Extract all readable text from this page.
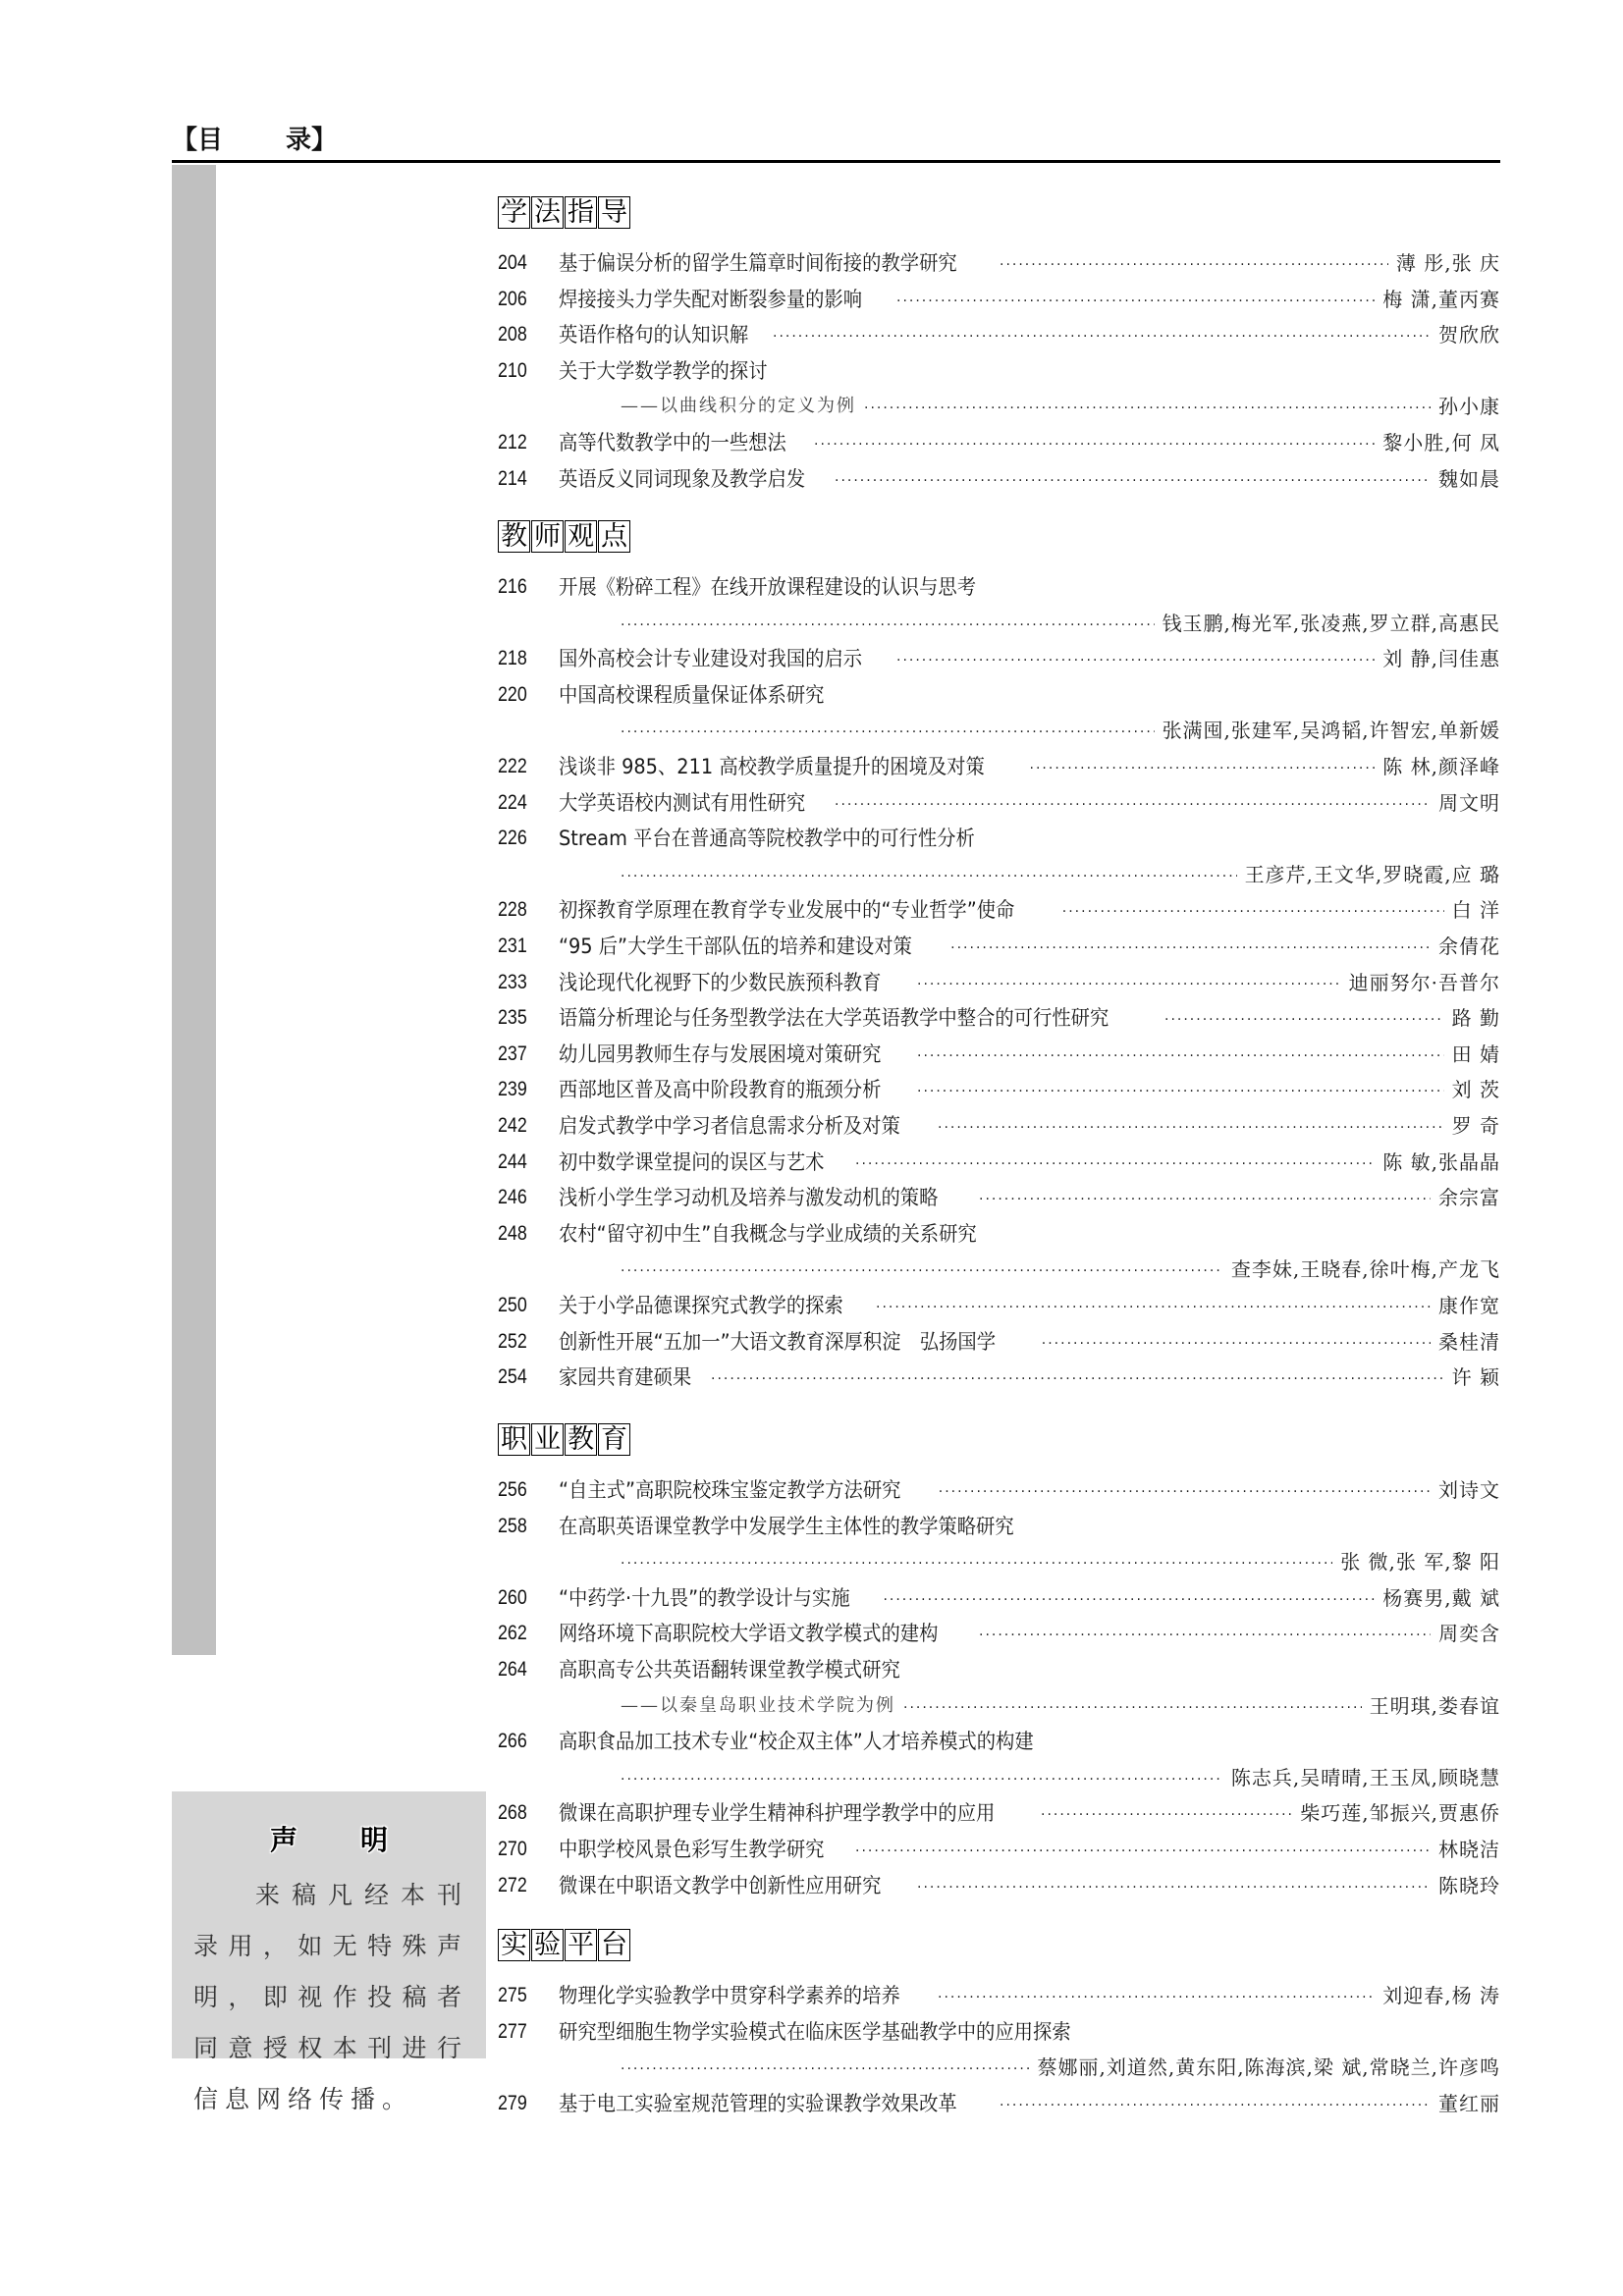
【目 录】
声 明
来稿凡经本刊录用，如无特殊声明，即视作投稿者同意授权本刊进行信息网络传播。
学 法 指 导
204	基于偏误分析的留学生篇章时间衔接的教学研究 ·····	薄 彤,张 庆
206	焊接接头力学失配对断裂参量的影响 ·····	梅 潇,董丙赛
208	英语作格句的认知识解 ·····	贺欣欣
210	关于大学数学教学的探讨
——以曲线积分的定义为例 ·····	孙小康
212	高等代数教学中的一些想法 ·····	黎小胜,何 凤
214	英语反义同词现象及教学启发 ·····	魏如晨
教 师 观 点
216	开展《粉碎工程》在线开放课程建设的认识与思考
·····
钱玉鹏,梅光军,张凌燕,罗立群,高惠民
218	国外高校会计专业建设对我国的启示 ·····	刘 静,闫佳惠
220	中国高校课程质量保证体系研究
·····
张满囤,张建军,吴鸿韬,许智宏,单新媛
222	浅谈非 985、211 高校教学质量提升的困境及对策 ·····	陈 林,颜泽峰
224	大学英语校内测试有用性研究 ·····	周文明
226	Stream 平台在普通高等院校教学中的可行性分析
·····
王彦芹,王文华,罗晓霞,应 璐
228	初探教育学原理在教育学专业发展中的“专业哲学”使命 ·····	白 洋
231	“95 后”大学生干部队伍的培养和建设对策 ·····	余倩花
233	浅论现代化视野下的少数民族预科教育 ·····	迪丽努尔·吾普尔
235	语篇分析理论与任务型教学法在大学英语教学中整合的可行性研究 ·····	路 勤
237	幼儿园男教师生存与发展困境对策研究 ·····	田 婧
239	西部地区普及高中阶段教育的瓶颈分析 ·····	刘 茨
242	启发式教学中学习者信息需求分析及对策 ·····	罗 奇
244	初中数学课堂提问的误区与艺术 ·····	陈 敏,张晶晶
246	浅析小学生学习动机及培养与激发动机的策略 ·····	余宗富
248	农村“留守初中生”自我概念与学业成绩的关系研究
·····
查李妹,王晓春,徐叶梅,产龙飞
250	关于小学品德课探究式教学的探索 ·····	康作宽
252	创新性开展“五加一”大语文教育深厚积淀　弘扬国学 ·····	桑桂清
254	家园共育建硕果 ·····	许 颖
职 业 教 育
256	“自主式”高职院校珠宝鉴定教学方法研究 ·····	刘诗文
258	在高职英语课堂教学中发展学生主体性的教学策略研究
·····
张 微,张 军,黎 阳
260	“中药学·十九畏”的教学设计与实施 ·····	杨赛男,戴 斌
262	网络环境下高职院校大学语文教学模式的建构 ·····	周奕含
264	高职高专公共英语翻转课堂教学模式研究
——以秦皇岛职业技术学院为例 ·····	王明琪,娄春谊
266	高职食品加工技术专业“校企双主体”人才培养模式的构建
·····
陈志兵,吴晴晴,王玉凤,顾晓慧
268	微课在高职护理专业学生精神科护理学教学中的应用 ·····	柴巧莲,邹振兴,贾惠侨
270	中职学校风景色彩写生教学研究 ·····	林晓洁
272	微课在中职语文教学中创新性应用研究 ·····	陈晓玲
实 验 平 台
275	物理化学实验教学中贯穿科学素养的培养 ·····	刘迎春,杨 涛
277	研究型细胞生物学实验模式在临床医学基础教学中的应用探索
·····
蔡娜丽,刘道然,黄东阳,陈海滨,梁 斌,常晓兰,许彦鸣
279	基于电工实验室规范管理的实验课教学效果改革 ·····	董红丽
